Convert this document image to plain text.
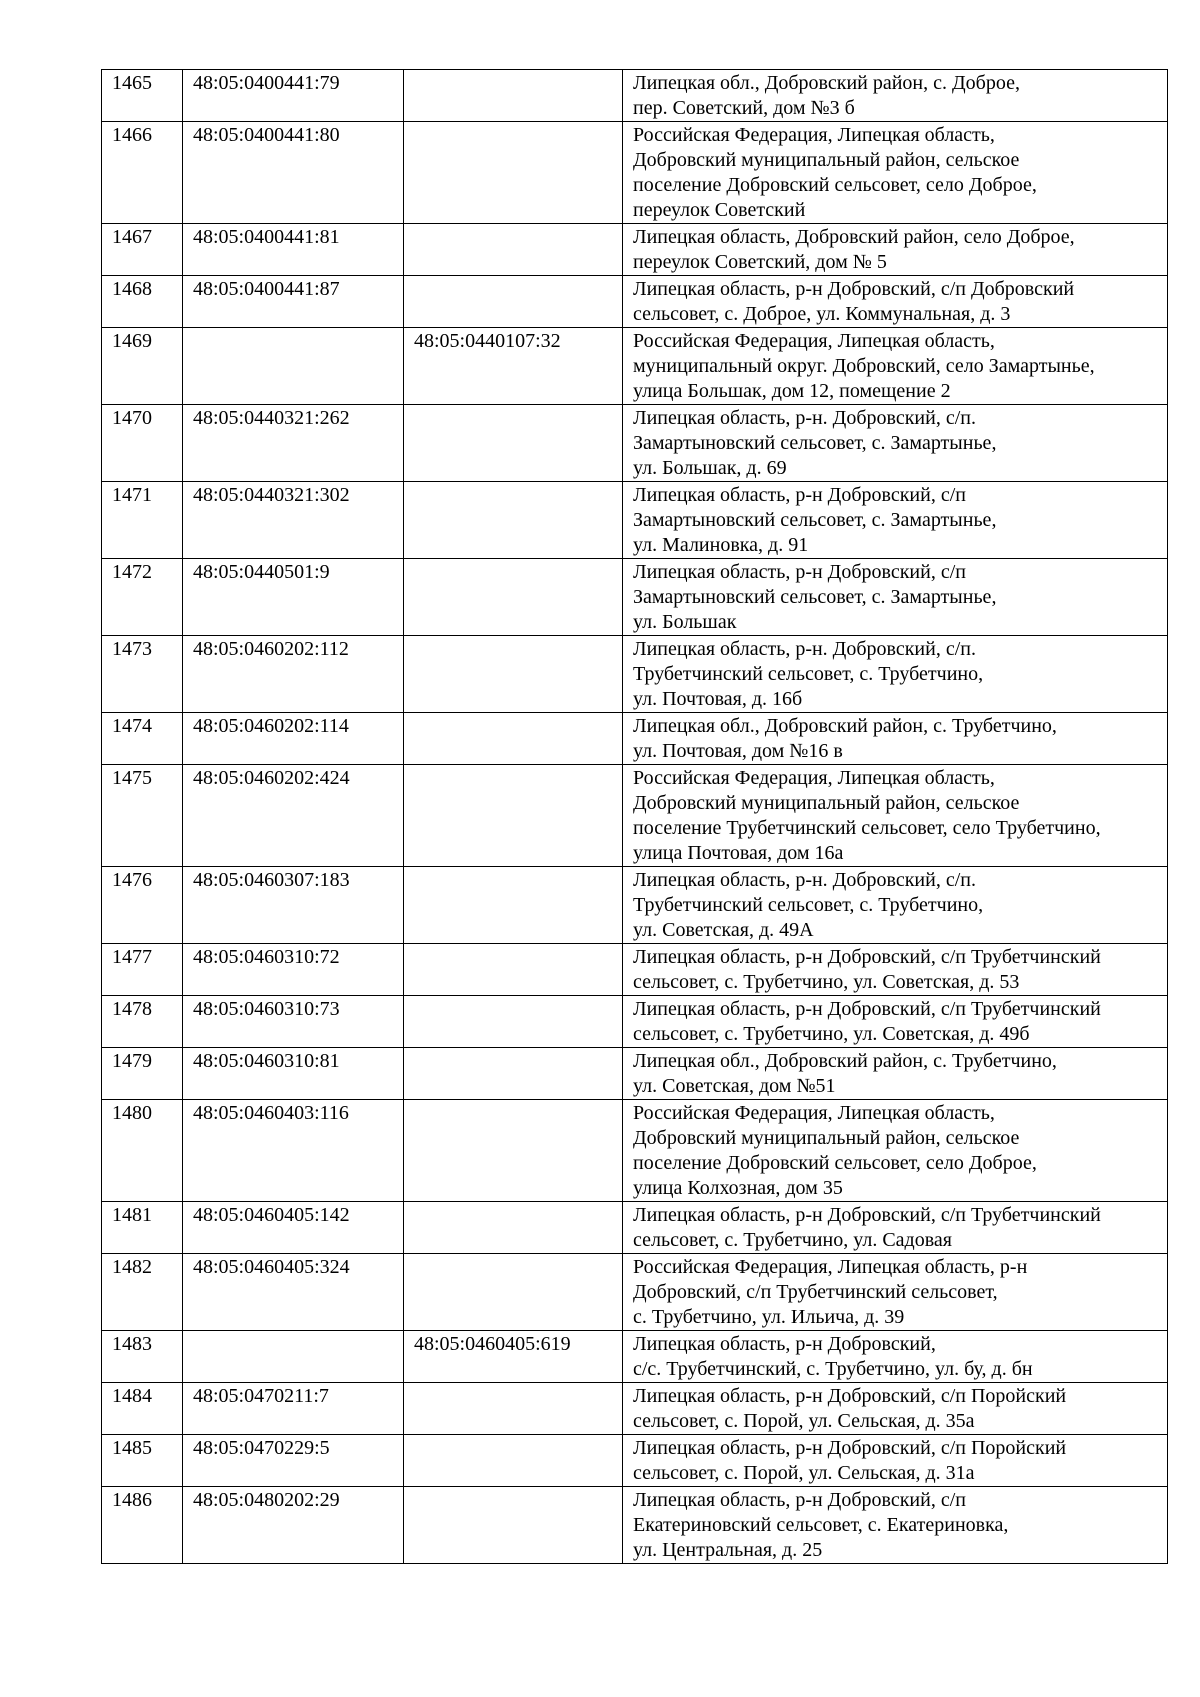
1465	48:05:0400441:79		Липецкая обл., Добровский район, с. Доброе,
пер. Советский, дом №3 б
1466	48:05:0400441:80		Российская Федерация, Липецкая область,
Добровский муниципальный район, сельское
поселение Добровский сельсовет, село Доброе,
переулок Советский
1467	48:05:0400441:81		Липецкая область, Добровский район, село Доброе,
переулок Советский, дом № 5
1468	48:05:0400441:87		Липецкая область, р-н Добровский, с/п Добровский
сельсовет, с. Доброе, ул. Коммунальная, д. 3
1469		48:05:0440107:32	Российская Федерация, Липецкая область,
муниципальный округ. Добровский, село Замартынье,
улица Большак, дом 12, помещение 2
1470	48:05:0440321:262		Липецкая область, р-н. Добровский, с/п.
Замартыновский сельсовет, с. Замартынье,
ул. Большак, д. 69
1471	48:05:0440321:302		Липецкая область, р-н Добровский, с/п
Замартыновский сельсовет, с. Замартынье,
ул. Малиновка, д. 91
1472	48:05:0440501:9		Липецкая область, р-н Добровский, с/п
Замартыновский сельсовет, с. Замартынье,
ул. Большак
1473	48:05:0460202:112		Липецкая область, р-н. Добровский, с/п.
Трубетчинский сельсовет, с. Трубетчино,
ул. Почтовая, д. 16б
1474	48:05:0460202:114		Липецкая обл., Добровский район, с. Трубетчино,
ул. Почтовая, дом №16 в
1475	48:05:0460202:424		Российская Федерация, Липецкая область,
Добровский муниципальный район, сельское
поселение Трубетчинский сельсовет, село Трубетчино,
улица Почтовая, дом 16а
1476	48:05:0460307:183		Липецкая область, р-н. Добровский, с/п.
Трубетчинский сельсовет, с. Трубетчино,
ул. Советская, д. 49А
1477	48:05:0460310:72		Липецкая область, р-н Добровский, с/п Трубетчинский
сельсовет, с. Трубетчино, ул. Советская, д. 53
1478	48:05:0460310:73		Липецкая область, р-н Добровский, с/п Трубетчинский
сельсовет, с. Трубетчино, ул. Советская, д. 49б
1479	48:05:0460310:81		Липецкая обл., Добровский район, с. Трубетчино,
ул. Советская, дом №51
1480	48:05:0460403:116		Российская Федерация, Липецкая область,
Добровский муниципальный район, сельское
поселение Добровский сельсовет, село Доброе,
улица Колхозная, дом 35
1481	48:05:0460405:142		Липецкая область, р-н Добровский, с/п Трубетчинский
сельсовет, с. Трубетчино, ул. Садовая
1482	48:05:0460405:324		Российская Федерация, Липецкая область, р-н
Добровский, с/п Трубетчинский сельсовет,
с. Трубетчино, ул. Ильича, д. 39
1483		48:05:0460405:619	Липецкая область, р-н Добровский,
с/с. Трубетчинский, с. Трубетчино, ул. бу, д. бн
1484	48:05:0470211:7		Липецкая область, р-н Добровский, с/п Поройский
сельсовет, с. Порой, ул. Сельская, д. 35а
1485	48:05:0470229:5		Липецкая область, р-н Добровский, с/п Поройский
сельсовет, с. Порой, ул. Сельская, д. 31а
1486	48:05:0480202:29		Липецкая область, р-н Добровский, с/п
Екатериновский сельсовет, с. Екатериновка,
ул. Центральная, д. 25
